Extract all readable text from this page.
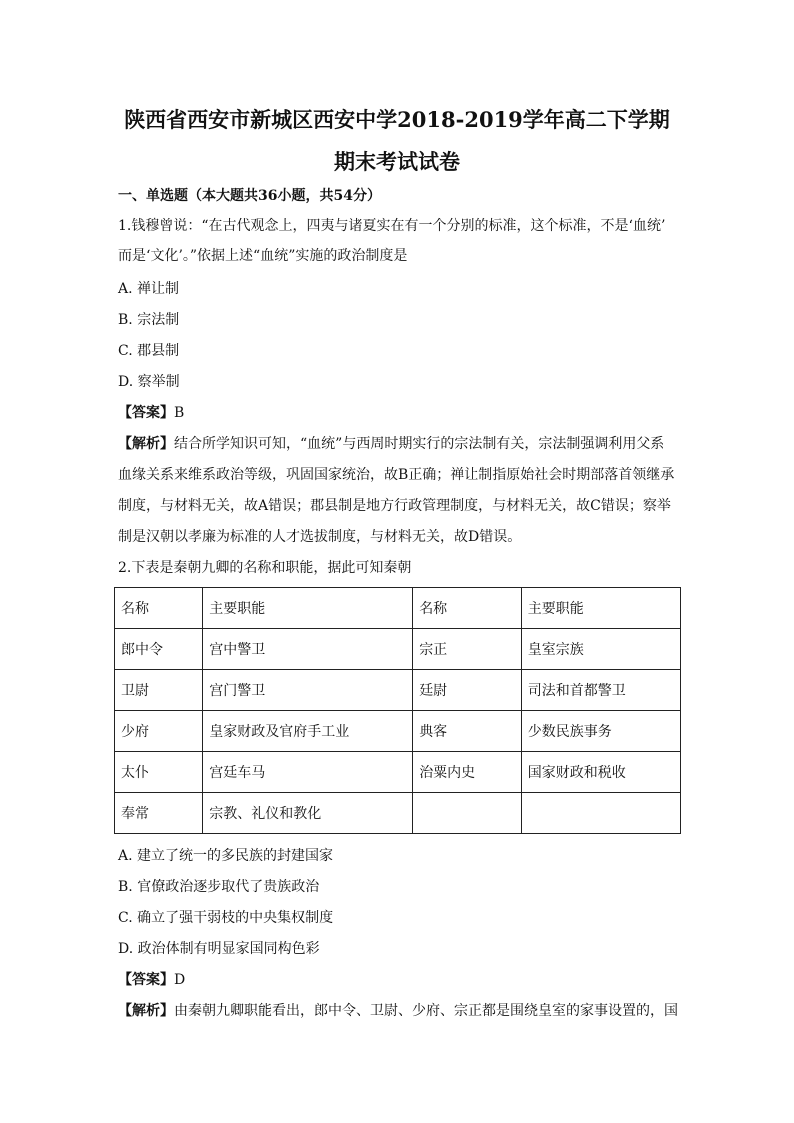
陕西省西安市新城区西安中学2018-2019学年高二下学期
期末考试试卷
一、单选题（本大题共36小题，共54分）
1.钱穆曾说：“在古代观念上，四夷与诸夏实在有一个分别的标准，这个标准，不是‘血统’
而是‘文化’。”依据上述“血统”实施的政治制度是
A. 禅让制
B. 宗法制
C. 郡县制
D. 察举制
【答案】B
【解析】结合所学知识可知，“血统”与西周时期实行的宗法制有关，宗法制强调利用父系
血缘关系来维系政治等级，巩固国家统治，故B正确；禅让制指原始社会时期部落首领继承
制度，与材料无关，故A错误；郡县制是地方行政管理制度，与材料无关，故C错误；察举
制是汉朝以孝廉为标准的人才选拔制度，与材料无关，故D错误。
2.下表是秦朝九卿的名称和职能，据此可知秦朝
名称	主要职能	名称	主要职能
郎中令	宫中警卫	宗正	皇室宗族
卫尉	宫门警卫	廷尉	司法和首都警卫
少府	皇家财政及官府手工业	典客	少数民族事务
太仆	宫廷车马	治粟内史	国家财政和税收
奉常	宗教、礼仪和教化		
A. 建立了统一的多民族的封建国家
B. 官僚政治逐步取代了贵族政治
C. 确立了强干弱枝的中央集权制度
D. 政治体制有明显家国同构色彩
【答案】D
【解析】由秦朝九卿职能看出，郎中令、卫尉、少府、宗正都是围绕皇室的家事设置的，国
